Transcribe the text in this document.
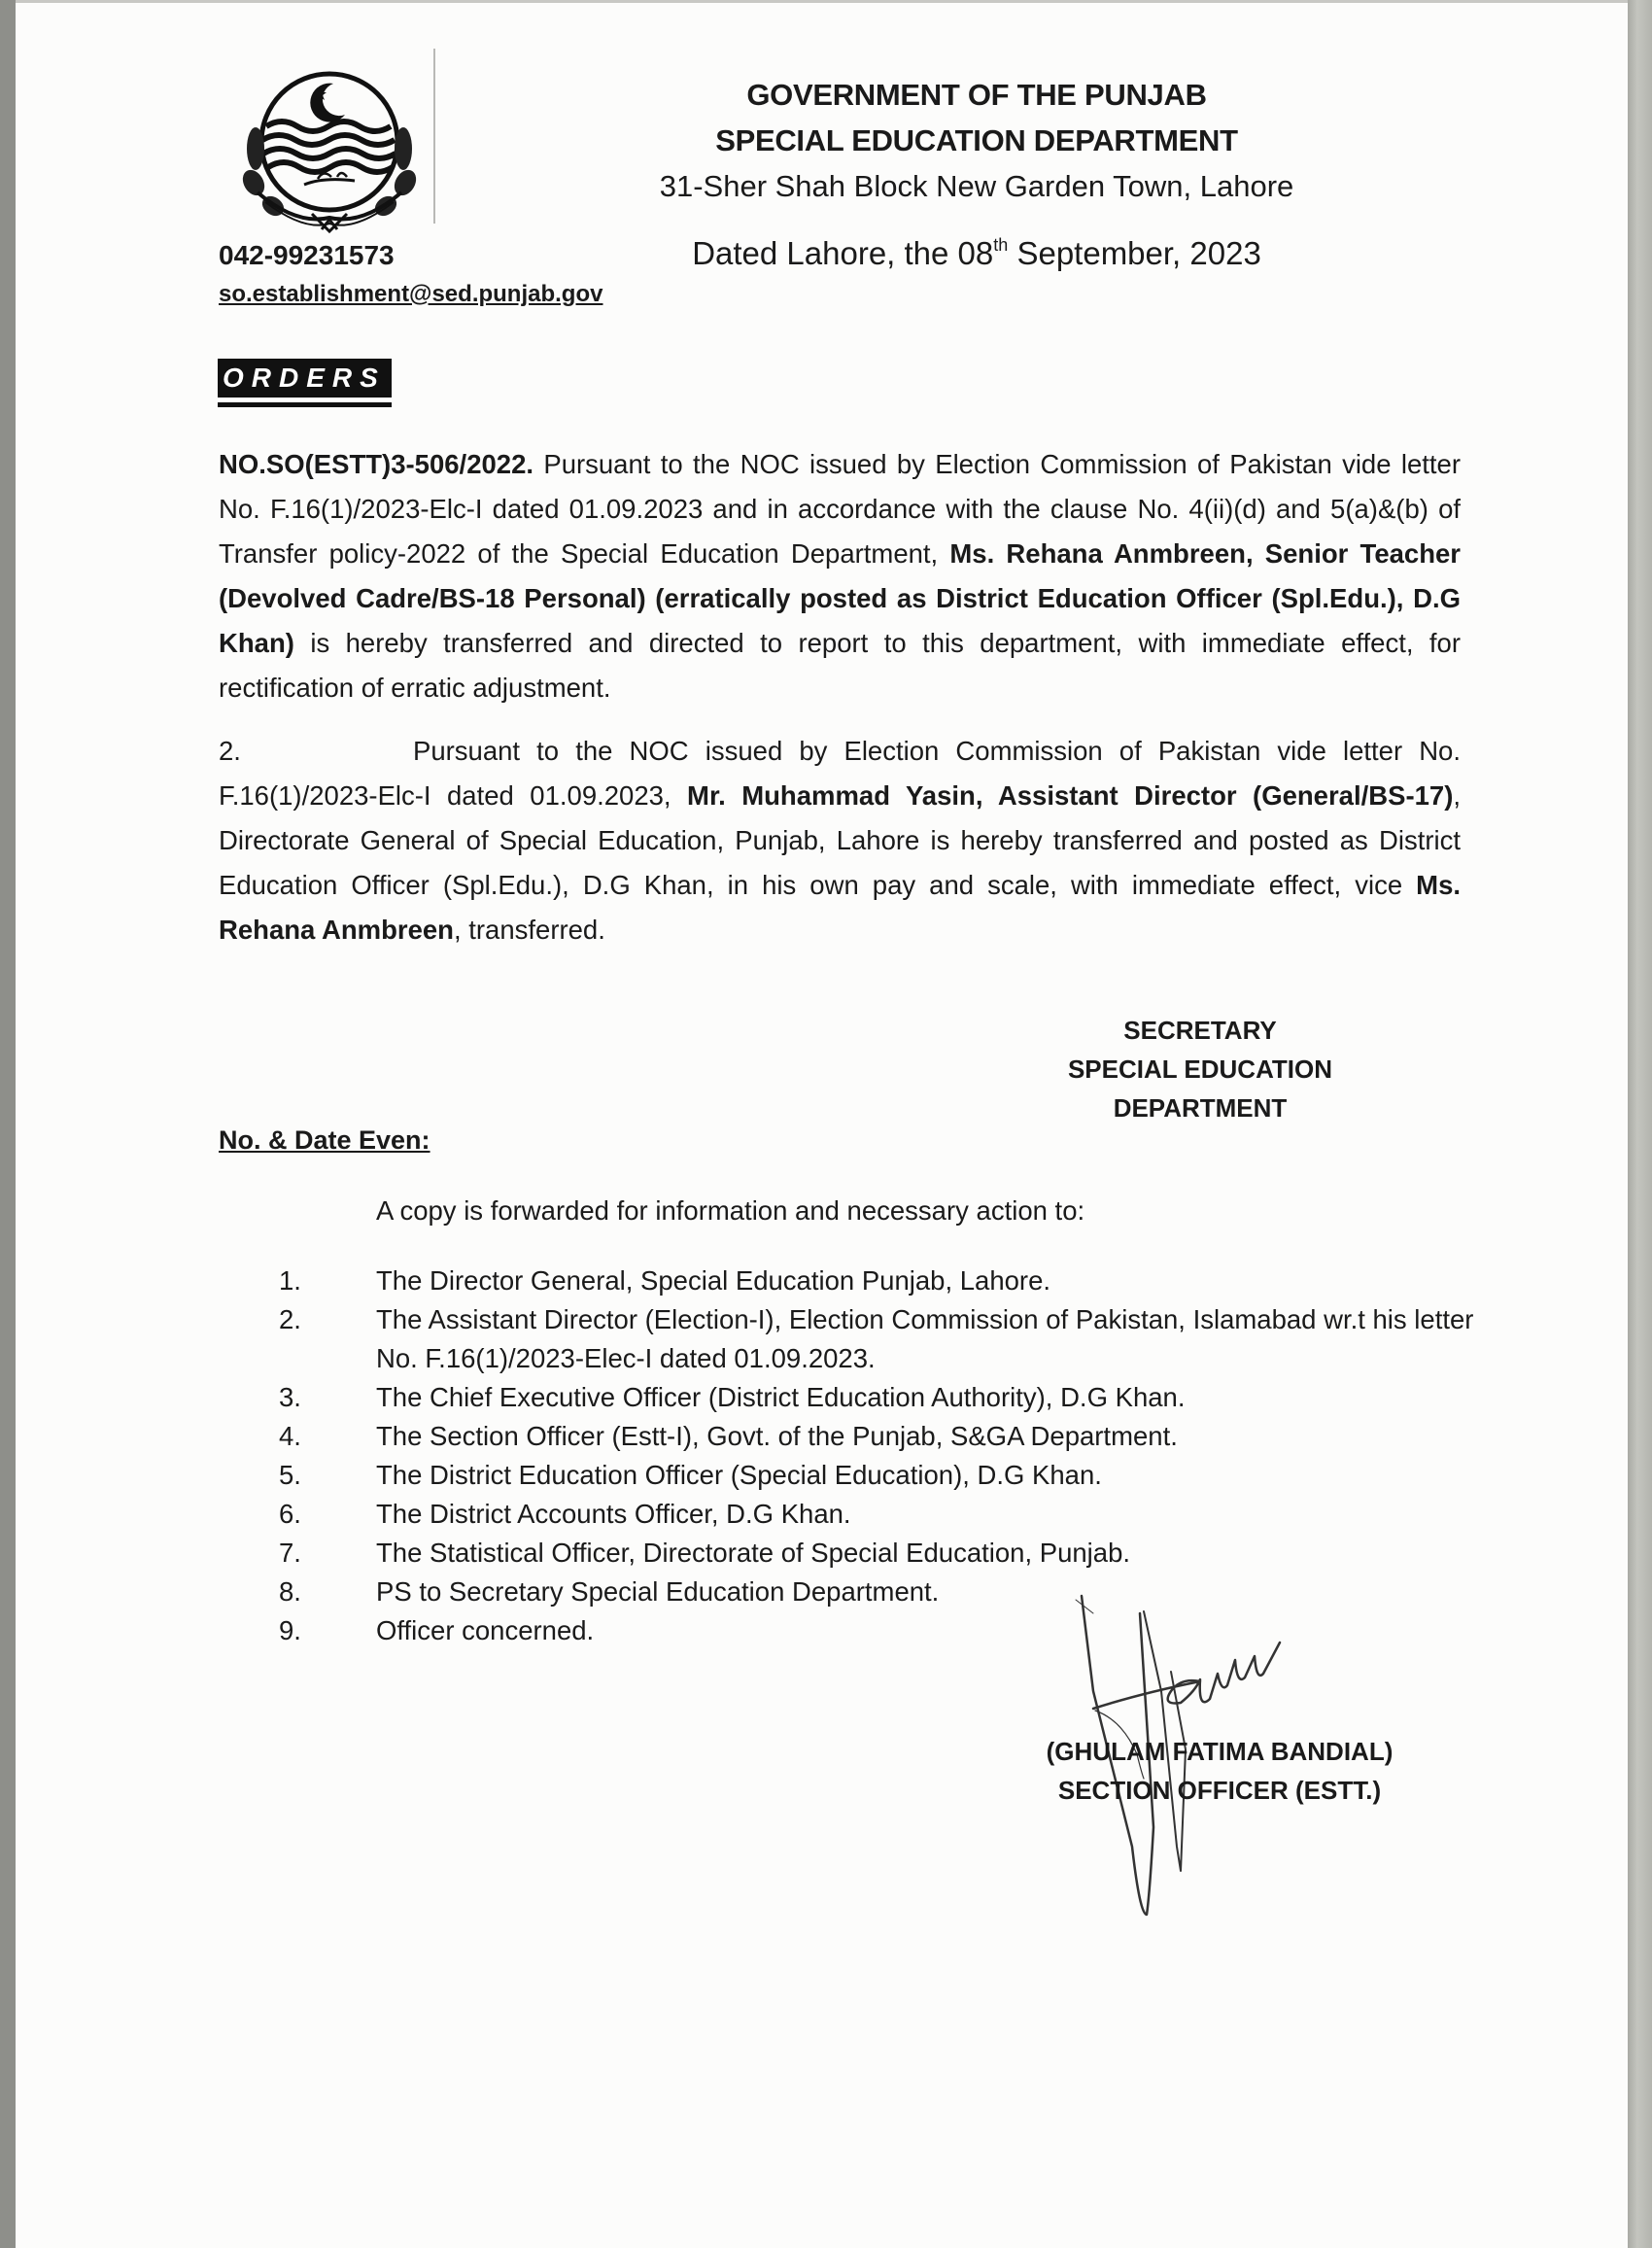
GOVERNMENT OF THE PUNJAB
SPECIAL EDUCATION DEPARTMENT
31-Sher Shah Block New Garden Town, Lahore
Dated Lahore, the 08th September, 2023
042-99231573
so.establishment@sed.punjab.gov
ORDERS
NO.SO(ESTT)3-506/2022. Pursuant to the NOC issued by Election Commission of Pakistan vide letter No. F.16(1)/2023-Elc-I dated 01.09.2023 and in accordance with the clause No. 4(ii)(d) and 5(a)&(b) of Transfer policy-2022 of the Special Education Department, Ms. Rehana Anmbreen, Senior Teacher (Devolved Cadre/BS-18 Personal) (erratically posted as District Education Officer (Spl.Edu.), D.G Khan) is hereby transferred and directed to report to this department, with immediate effect, for rectification of erratic adjustment.
2.	Pursuant to the NOC issued by Election Commission of Pakistan vide letter No. F.16(1)/2023-Elc-I dated 01.09.2023, Mr. Muhammad Yasin, Assistant Director (General/BS-17), Directorate General of Special Education, Punjab, Lahore is hereby transferred and posted as District Education Officer (Spl.Edu.), D.G Khan, in his own pay and scale, with immediate effect, vice Ms. Rehana Anmbreen, transferred.
SECRETARY
SPECIAL EDUCATION
DEPARTMENT
No. & Date Even:
A copy is forwarded for information and necessary action to:
1.	The Director General, Special Education Punjab, Lahore.
2.	The Assistant Director (Election-I), Election Commission of Pakistan, Islamabad wr.t his letter No. F.16(1)/2023-Elec-I dated 01.09.2023.
3.	The Chief Executive Officer (District Education Authority), D.G Khan.
4.	The Section Officer (Estt-I), Govt. of the Punjab, S&GA Department.
5.	The District Education Officer (Special Education), D.G Khan.
6.	The District Accounts Officer, D.G Khan.
7.	The Statistical Officer, Directorate of Special Education, Punjab.
8.	PS to Secretary Special Education Department.
9.	Officer concerned.
(GHULAM FATIMA BANDIAL)
SECTION OFFICER (ESTT.)
